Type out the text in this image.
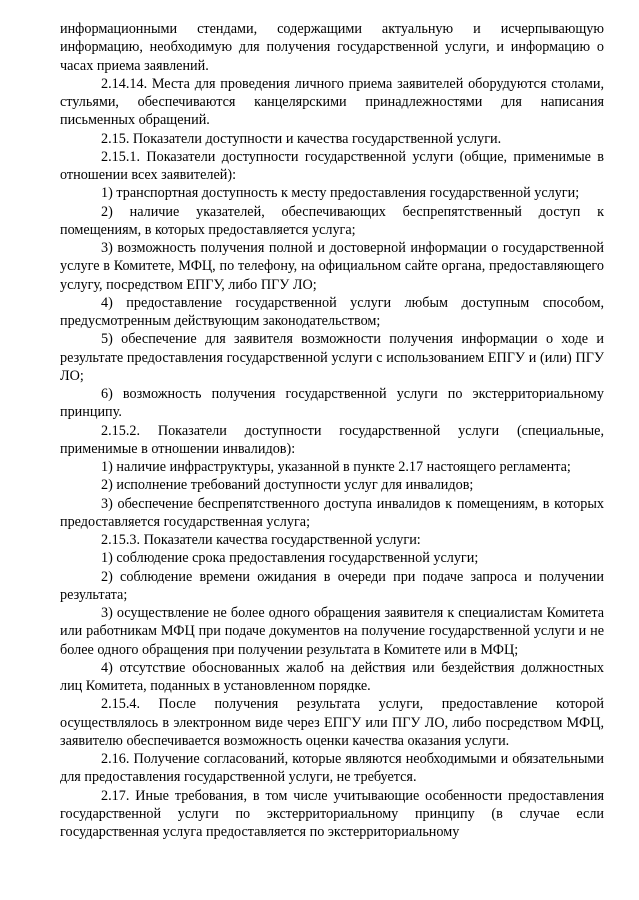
информационными стендами, содержащими актуальную и исчерпывающую информацию, необходимую для получения государственной услуги, и информацию о часах приема заявлений.

2.14.14. Места для проведения личного приема заявителей оборудуются столами, стульями, обеспечиваются канцелярскими принадлежностями для написания письменных обращений.

2.15. Показатели доступности и качества государственной услуги.

2.15.1. Показатели доступности государственной услуги (общие, применимые в отношении всех заявителей):

1) транспортная доступность к месту предоставления государственной услуги;

2) наличие указателей, обеспечивающих беспрепятственный доступ к помещениям, в которых предоставляется услуга;

3) возможность получения полной и достоверной информации о государственной услуге в Комитете, МФЦ, по телефону, на официальном сайте органа, предоставляющего услугу, посредством ЕПГУ, либо ПГУ ЛО;

4) предоставление государственной услуги любым доступным способом, предусмотренным действующим законодательством;

5) обеспечение для заявителя возможности получения информации о ходе и результате предоставления государственной услуги с использованием ЕПГУ и (или) ПГУ ЛО;

6) возможность получения государственной услуги по экстерриториальному принципу.

2.15.2. Показатели доступности государственной услуги (специальные, применимые в отношении инвалидов):

1) наличие инфраструктуры, указанной в пункте 2.17 настоящего регламента;

2) исполнение требований доступности услуг для инвалидов;

3) обеспечение беспрепятственного доступа инвалидов к помещениям, в которых предоставляется государственная услуга;

2.15.3. Показатели качества государственной услуги:

1) соблюдение срока предоставления государственной услуги;

2) соблюдение времени ожидания в очереди при подаче запроса и получении результата;

3) осуществление не более одного обращения заявителя к специалистам Комитета или работникам МФЦ при подаче документов на получение государственной услуги и не более одного обращения при получении результата в Комитете или в МФЦ;

4) отсутствие обоснованных жалоб на действия или бездействия должностных лиц Комитета, поданных в установленном порядке.

2.15.4. После получения результата услуги, предоставление которой осуществлялось в электронном виде через ЕПГУ или ПГУ ЛО, либо посредством МФЦ, заявителю обеспечивается возможность оценки качества оказания услуги.

2.16. Получение согласований, которые являются необходимыми и обязательными для предоставления государственной услуги, не требуется.

2.17. Иные требования, в том числе учитывающие особенности предоставления государственной услуги по экстерриториальному принципу (в случае если государственная услуга предоставляется по экстерриториальному
